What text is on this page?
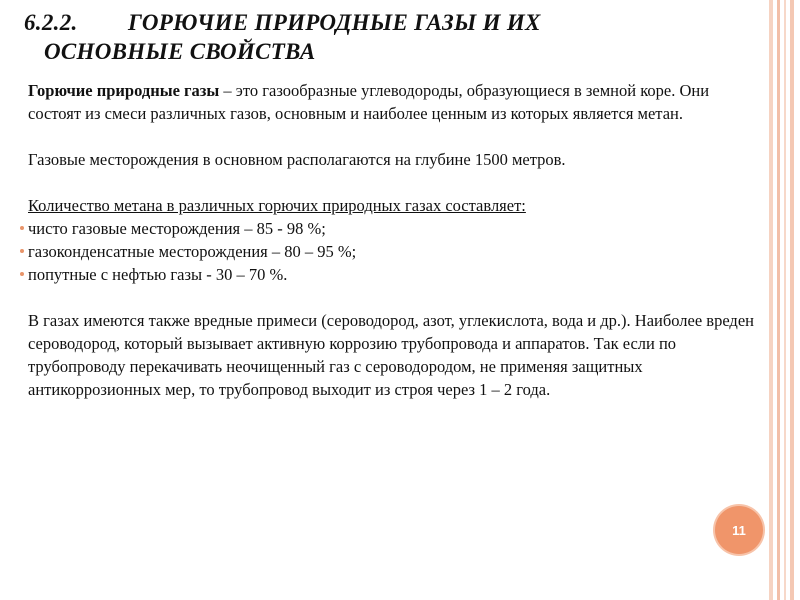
6.2.2. ГОРЮЧИЕ ПРИРОДНЫЕ ГАЗЫ И ИХ
ОСНОВНЫЕ СВОЙСТВА

Горючие природные газы – это газообразные углеводороды, образующиеся в земной коре. Они состоят из смеси различных газов, основным и наиболее ценным из которых является метан.

Газовые месторождения в основном располагаются на глубине 1500 метров.

Количество метана в различных горючих природных газах составляет:

чисто газовые месторождения – 85 - 98 %;
газоконденсатные месторождения – 80 – 95 %;
попутные с нефтью газы - 30 – 70 %.

В газах имеются также вредные примеси (сероводород, азот, углекислота, вода и др.). Наиболее вреден сероводород, который вызывает активную коррозию трубопровода и аппаратов. Так если по трубопроводу перекачивать неочищенный газ с сероводородом, не применяя защитных антикоррозионных мер, то трубопровод выходит из строя через 1 – 2 года.

11
